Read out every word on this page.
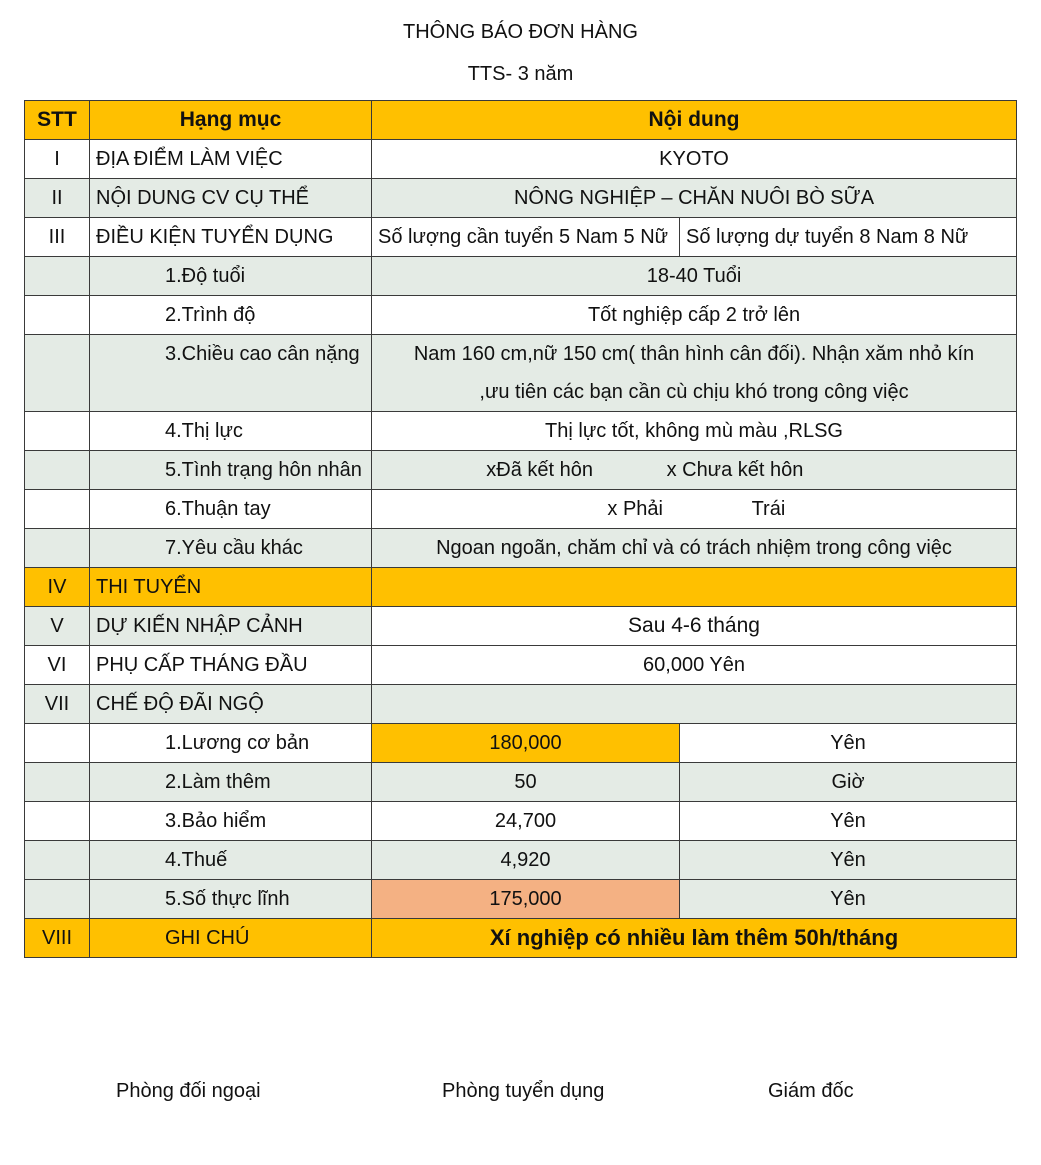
THÔNG BÁO ĐƠN HÀNG
TTS- 3 năm
STT	Hạng mục	Nội dung	
I	ĐỊA ĐIỂM LÀM VIỆC	KYOTO	
II	NỘI DUNG CV CỤ THỂ	NÔNG NGHIỆP – CHĂN NUÔI BÒ SỮA	
III	ĐIỀU KIỆN TUYỂN DỤNG	Số lượng cần tuyển 5 Nam 5 Nữ	Số lượng dự tuyển 8 Nam 8 Nữ
	1.Độ tuổi	18-40 Tuổi	
	2.Trình độ	Tốt nghiệp cấp 2 trở lên	
	3.Chiều cao cân nặng	Nam 160 cm,nữ 150 cm( thân hình cân đối). Nhận xăm nhỏ kín
,ưu tiên các bạn cần cù chịu khó trong công việc	

	4.Thị lực	Thị lực tốt, không mù màu ,RLSG	
	5.Tình trạng hôn nhân	xĐã kết hôn x Chưa kết hôn	
	6.Thuận tay	x Phải Trái	
	7.Yêu cầu khác	Ngoan ngoãn, chăm chỉ và có trách nhiệm trong công việc	
IV	THI TUYỂN		
V	DỰ KIẾN NHẬP CẢNH	Sau 4-6 tháng	
VI	PHỤ CẤP THÁNG ĐẦU	60,000 Yên	
VII	CHẾ ĐỘ ĐÃI NGỘ		
	1.Lương cơ bản	180,000	Yên
	2.Làm thêm	50	Giờ
	3.Bảo hiểm	24,700	Yên
	4.Thuế	4,920	Yên
	5.Số thực lĩnh	175,000	Yên
VIII	GHI CHÚ	Xí nghiệp có nhiều làm thêm 50h/tháng	
Phòng đối ngoại	Phòng tuyển dụng	Giám đốc
